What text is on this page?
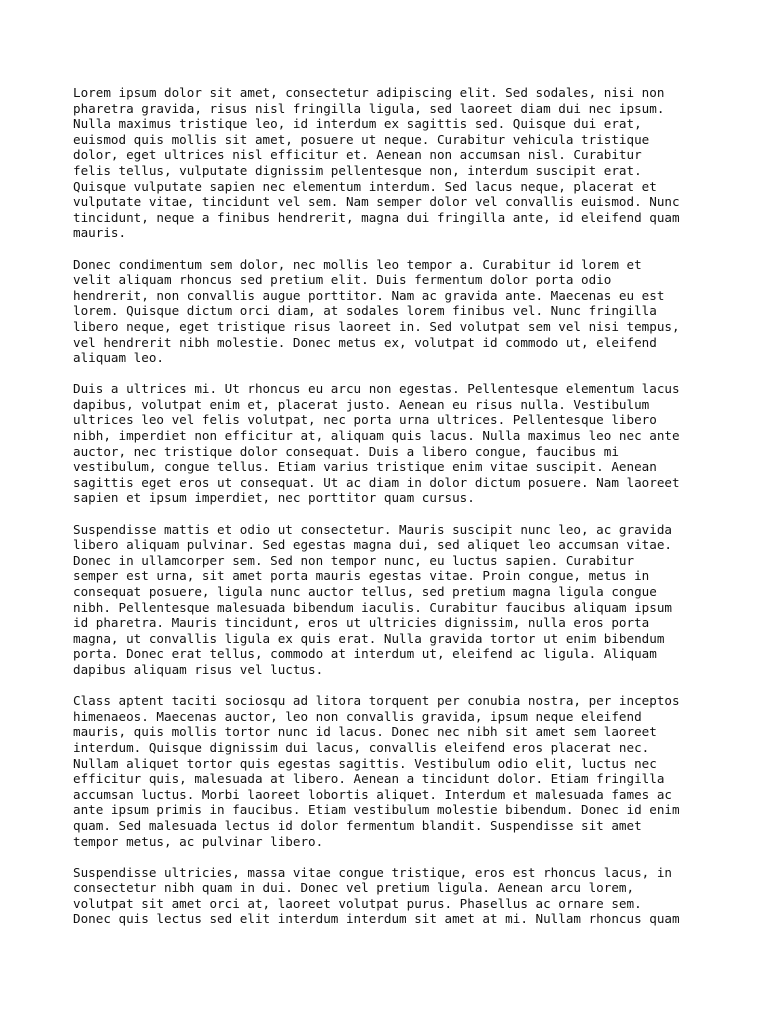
Lorem ipsum dolor sit amet, consectetur adipiscing elit. Sed sodales, nisi non
pharetra gravida, risus nisl fringilla ligula, sed laoreet diam dui nec ipsum.
Nulla maximus tristique leo, id interdum ex sagittis sed. Quisque dui erat,
euismod quis mollis sit amet, posuere ut neque. Curabitur vehicula tristique
dolor, eget ultrices nisl efficitur et. Aenean non accumsan nisl. Curabitur
felis tellus, vulputate dignissim pellentesque non, interdum suscipit erat.
Quisque vulputate sapien nec elementum interdum. Sed lacus neque, placerat et
vulputate vitae, tincidunt vel sem. Nam semper dolor vel convallis euismod. Nunc
tincidunt, neque a finibus hendrerit, magna dui fringilla ante, id eleifend quam
mauris.

Donec condimentum sem dolor, nec mollis leo tempor a. Curabitur id lorem et
velit aliquam rhoncus sed pretium elit. Duis fermentum dolor porta odio
hendrerit, non convallis augue porttitor. Nam ac gravida ante. Maecenas eu est
lorem. Quisque dictum orci diam, at sodales lorem finibus vel. Nunc fringilla
libero neque, eget tristique risus laoreet in. Sed volutpat sem vel nisi tempus,
vel hendrerit nibh molestie. Donec metus ex, volutpat id commodo ut, eleifend
aliquam leo.

Duis a ultrices mi. Ut rhoncus eu arcu non egestas. Pellentesque elementum lacus
dapibus, volutpat enim et, placerat justo. Aenean eu risus nulla. Vestibulum
ultrices leo vel felis volutpat, nec porta urna ultrices. Pellentesque libero
nibh, imperdiet non efficitur at, aliquam quis lacus. Nulla maximus leo nec ante
auctor, nec tristique dolor consequat. Duis a libero congue, faucibus mi
vestibulum, congue tellus. Etiam varius tristique enim vitae suscipit. Aenean
sagittis eget eros ut consequat. Ut ac diam in dolor dictum posuere. Nam laoreet
sapien et ipsum imperdiet, nec porttitor quam cursus.

Suspendisse mattis et odio ut consectetur. Mauris suscipit nunc leo, ac gravida
libero aliquam pulvinar. Sed egestas magna dui, sed aliquet leo accumsan vitae.
Donec in ullamcorper sem. Sed non tempor nunc, eu luctus sapien. Curabitur
semper est urna, sit amet porta mauris egestas vitae. Proin congue, metus in
consequat posuere, ligula nunc auctor tellus, sed pretium magna ligula congue
nibh. Pellentesque malesuada bibendum iaculis. Curabitur faucibus aliquam ipsum
id pharetra. Mauris tincidunt, eros ut ultricies dignissim, nulla eros porta
magna, ut convallis ligula ex quis erat. Nulla gravida tortor ut enim bibendum
porta. Donec erat tellus, commodo at interdum ut, eleifend ac ligula. Aliquam
dapibus aliquam risus vel luctus.

Class aptent taciti sociosqu ad litora torquent per conubia nostra, per inceptos
himenaeos. Maecenas auctor, leo non convallis gravida, ipsum neque eleifend
mauris, quis mollis tortor nunc id lacus. Donec nec nibh sit amet sem laoreet
interdum. Quisque dignissim dui lacus, convallis eleifend eros placerat nec.
Nullam aliquet tortor quis egestas sagittis. Vestibulum odio elit, luctus nec
efficitur quis, malesuada at libero. Aenean a tincidunt dolor. Etiam fringilla
accumsan luctus. Morbi laoreet lobortis aliquet. Interdum et malesuada fames ac
ante ipsum primis in faucibus. Etiam vestibulum molestie bibendum. Donec id enim
quam. Sed malesuada lectus id dolor fermentum blandit. Suspendisse sit amet
tempor metus, ac pulvinar libero.

Suspendisse ultricies, massa vitae congue tristique, eros est rhoncus lacus, in
consectetur nibh quam in dui. Donec vel pretium ligula. Aenean arcu lorem,
volutpat sit amet orci at, laoreet volutpat purus. Phasellus ac ornare sem.
Donec quis lectus sed elit interdum interdum sit amet at mi. Nullam rhoncus quam
